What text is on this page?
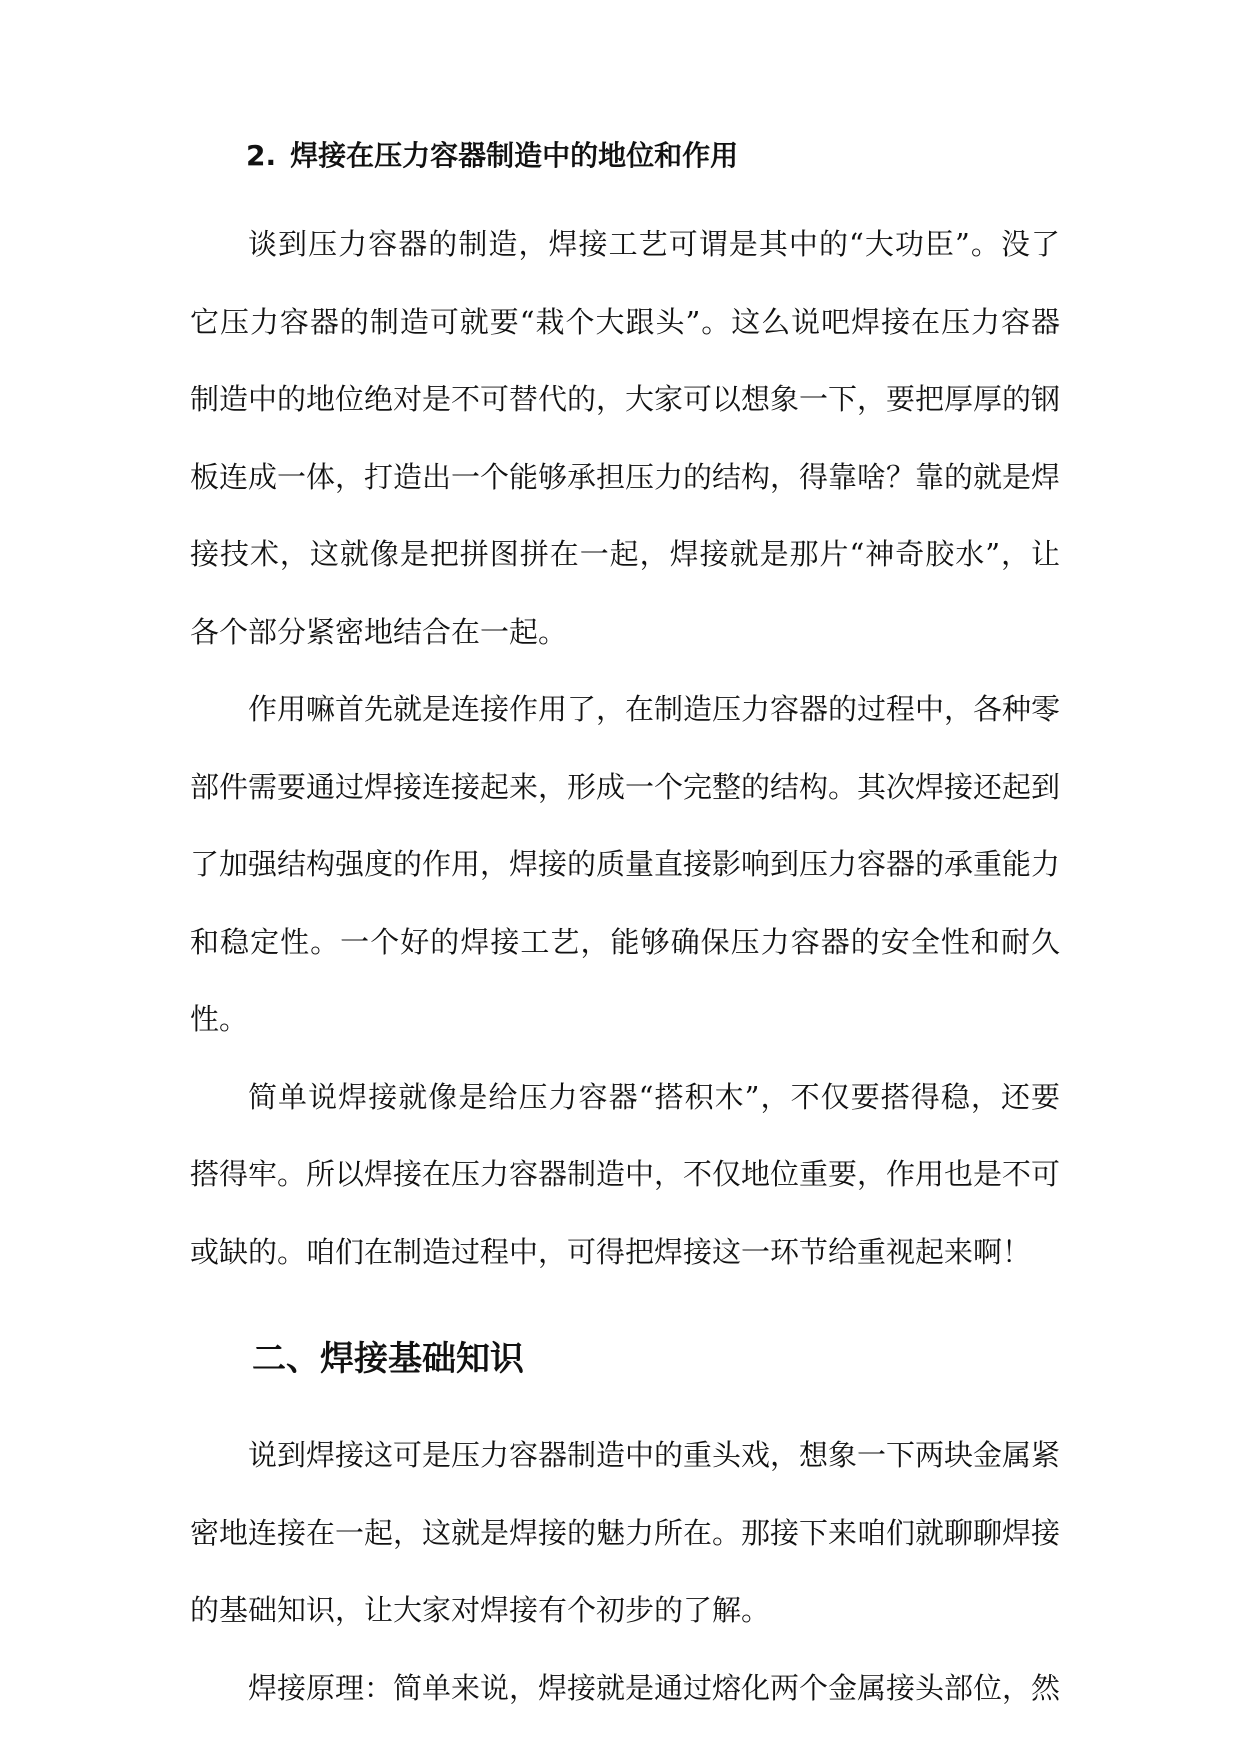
2. 焊接在压力容器制造中的地位和作用

谈到压力容器的制造，焊接工艺可谓是其中的“大功臣”。没了它压力容器的制造可就要“栽个大跟头”。这么说吧焊接在压力容器制造中的地位绝对是不可替代的，大家可以想象一下，要把厚厚的钢板连成一体，打造出一个能够承担压力的结构，得靠啥？靠的就是焊接技术，这就像是把拼图拼在一起，焊接就是那片“神奇胶水”，让各个部分紧密地结合在一起。

作用嘛首先就是连接作用了，在制造压力容器的过程中，各种零部件需要通过焊接连接起来，形成一个完整的结构。其次焊接还起到了加强结构强度的作用，焊接的质量直接影响到压力容器的承重能力和稳定性。一个好的焊接工艺，能够确保压力容器的安全性和耐久性。

简单说焊接就像是给压力容器“搭积木”，不仅要搭得稳，还要搭得牢。所以焊接在压力容器制造中，不仅地位重要，作用也是不可或缺的。咱们在制造过程中，可得把焊接这一环节给重视起来啊！

二、焊接基础知识

说到焊接这可是压力容器制造中的重头戏，想象一下两块金属紧密地连接在一起，这就是焊接的魅力所在。那接下来咱们就聊聊焊接的基础知识，让大家对焊接有个初步的了解。

焊接原理：简单来说，焊接就是通过熔化两个金属接头部位，然
